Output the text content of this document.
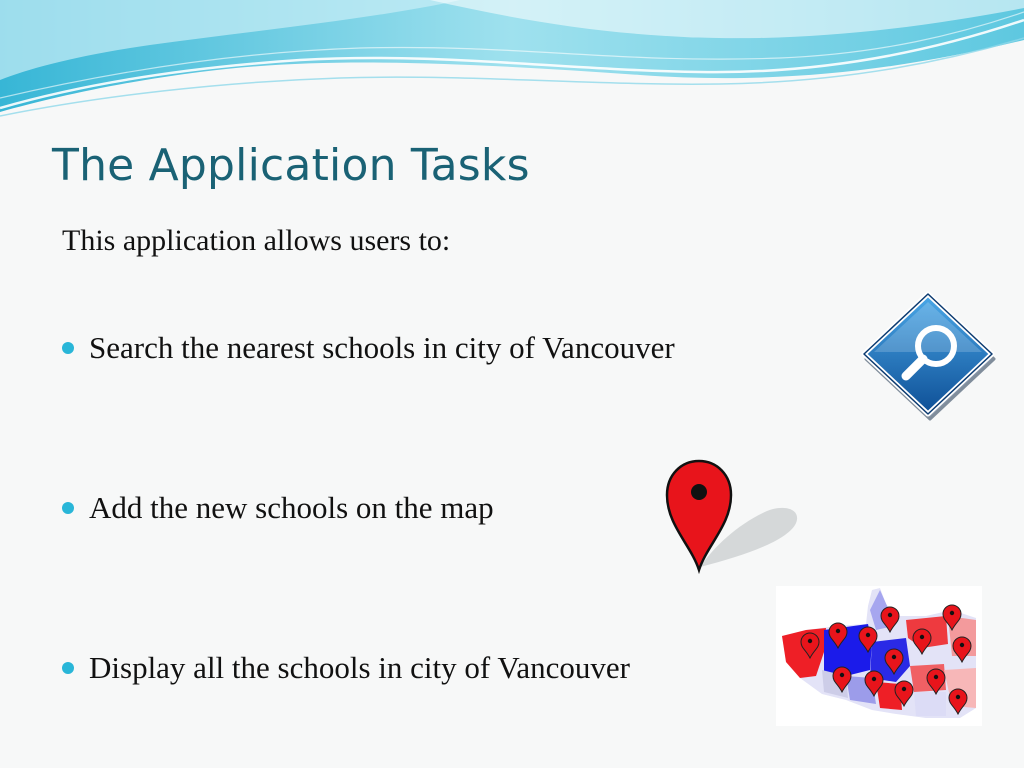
The Application Tasks
This application allows users to:
Search the nearest schools in city of Vancouver
Add the new schools on the map
Display all the schools in city of Vancouver
